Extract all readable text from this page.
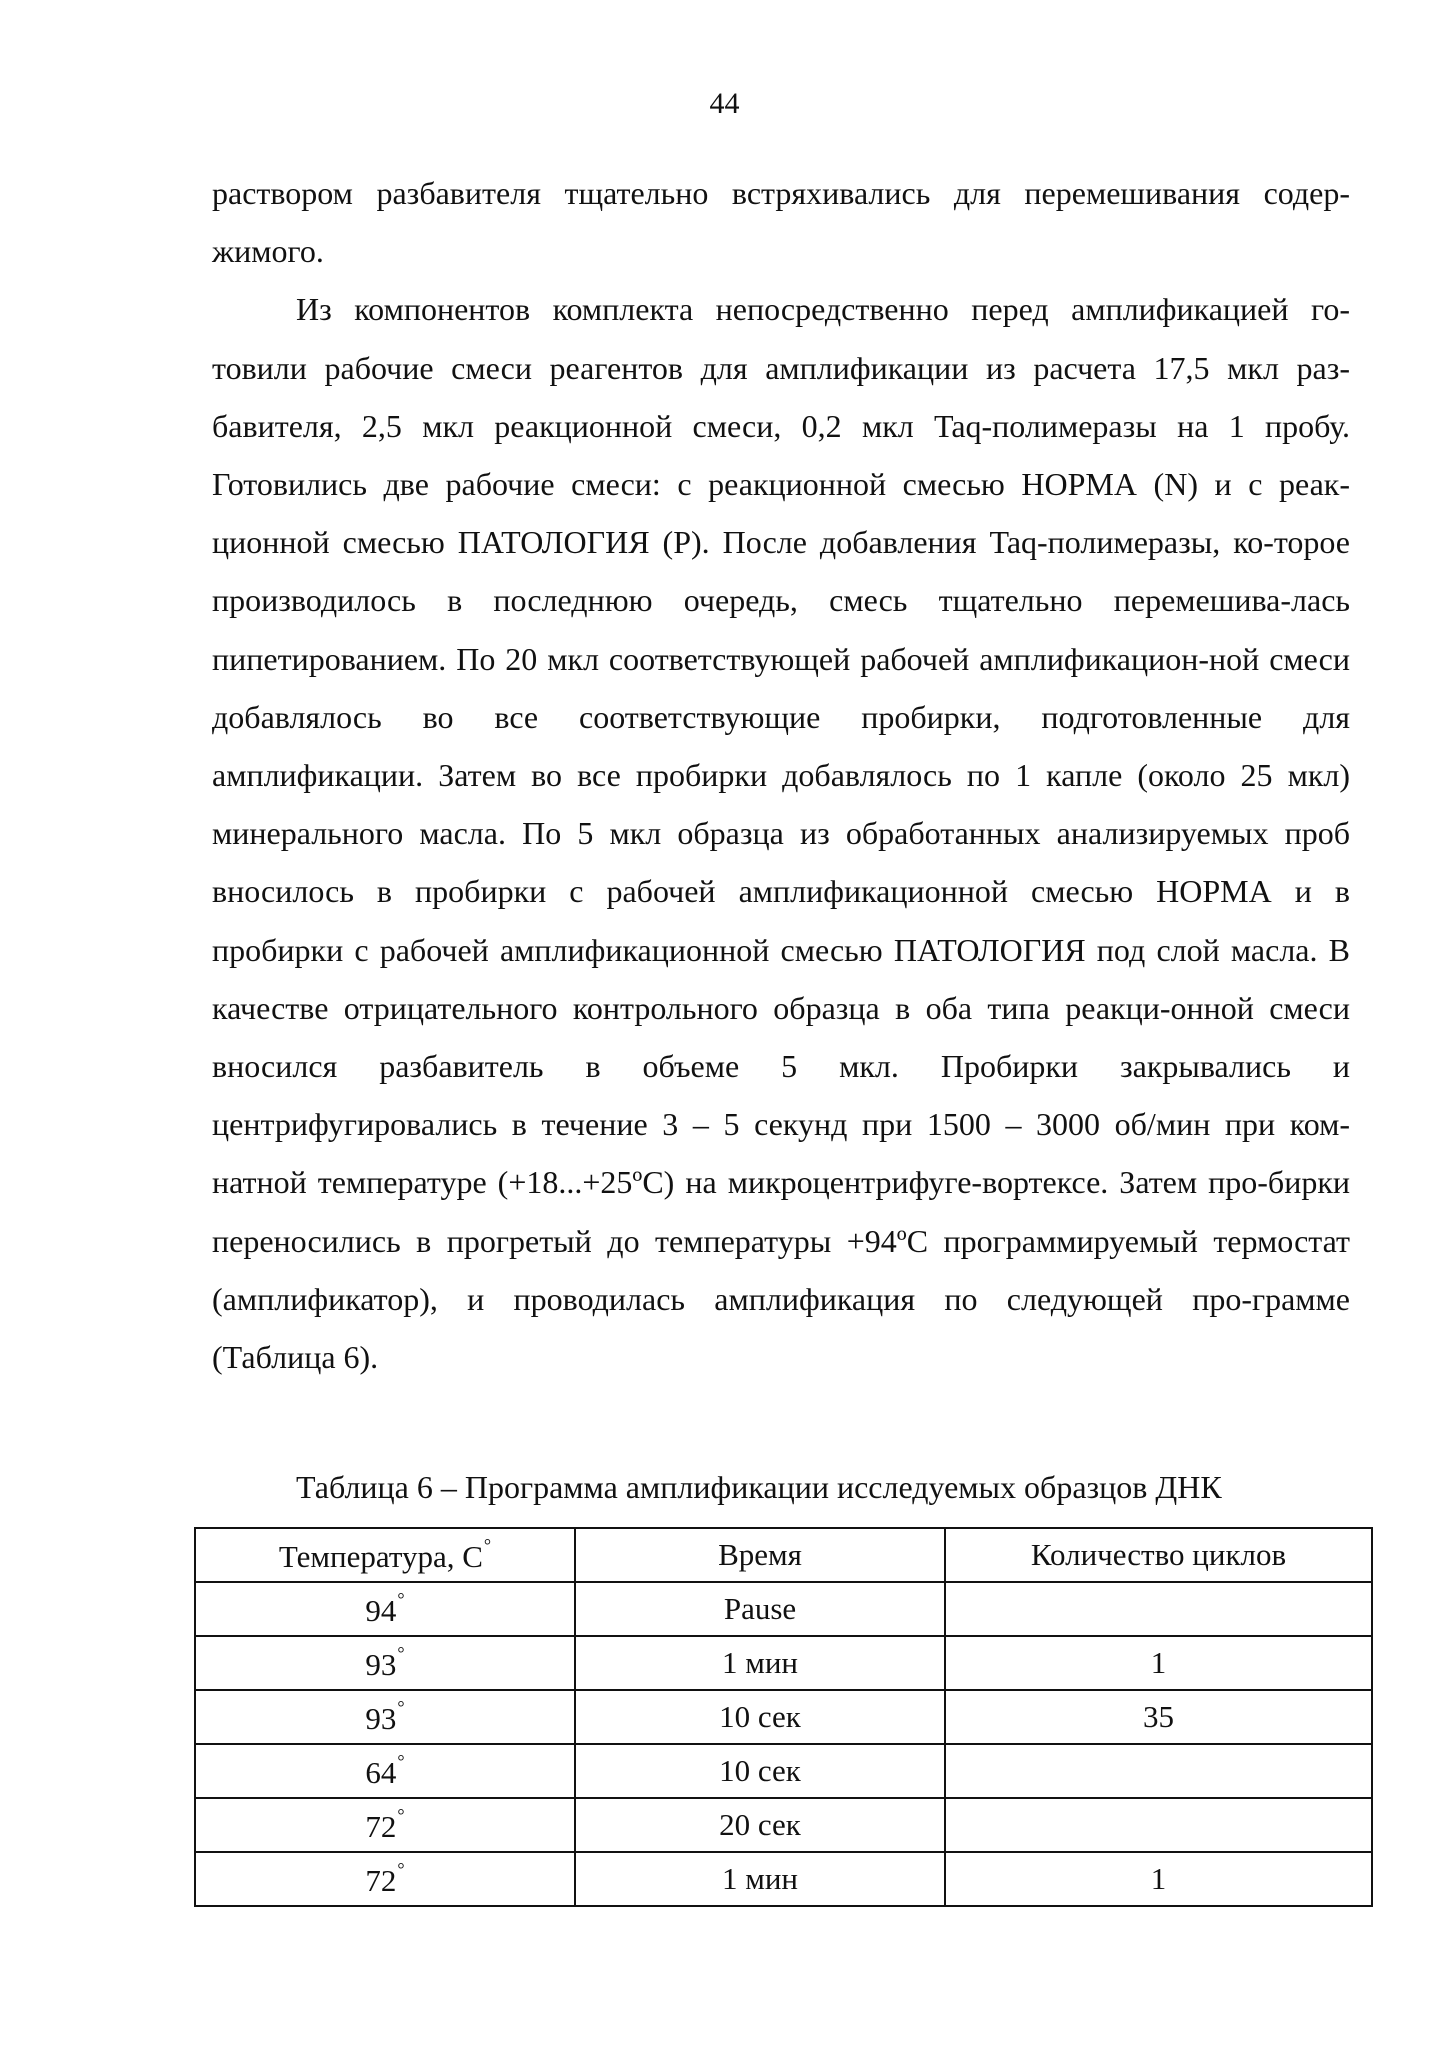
44

раствором разбавителя тщательно встряхивались для перемешивания содер-жимого.

Из компонентов комплекта непосредственно перед амплификацией го-товили рабочие смеси реагентов для амплификации из расчета 17,5 мкл раз-бавителя, 2,5 мкл реакционной смеси, 0,2 мкл Taq-полимеразы на 1 пробу. Готовились две рабочие смеси: с реакционной смесью НОРМА (N) и с реак-ционной смесью ПАТОЛОГИЯ (P). После добавления Taq-полимеразы, ко-торое производилось в последнюю очередь, смесь тщательно перемешива-лась пипетированием. По 20 мкл соответствующей рабочей амплификацион-ной смеси добавлялось во все соответствующие пробирки, подготовленные для амплификации. Затем во все пробирки добавлялось по 1 капле (около 25 мкл) минерального масла. По 5 мкл образца из обработанных анализируемых проб вносилось в пробирки с рабочей амплификационной смесью НОРМА и в пробирки с рабочей амплификационной смесью ПАТОЛОГИЯ под слой масла. В качестве отрицательного контрольного образца в оба типа реакци-онной смеси вносился разбавитель в объеме 5 мкл. Пробирки закрывались и центрифугировались в течение 3 – 5 секунд при 1500 – 3000 об/мин при ком-натной температуре (+18...+25ºС) на микроцентрифуге-вортексе. Затем про-бирки переносились в прогретый до температуры +94ºС программируемый термостат (амплификатор), и проводилась амплификация по следующей про-грамме (Таблица 6).

Таблица 6 – Программа амплификации исследуемых образцов ДНК
Температура, С°	Время	Количество циклов
94°	Pause	
93°	1 мин	1
93°	10 сек	35
64°	10 сек	
72°	20 сек	
72°	1 мин	1
